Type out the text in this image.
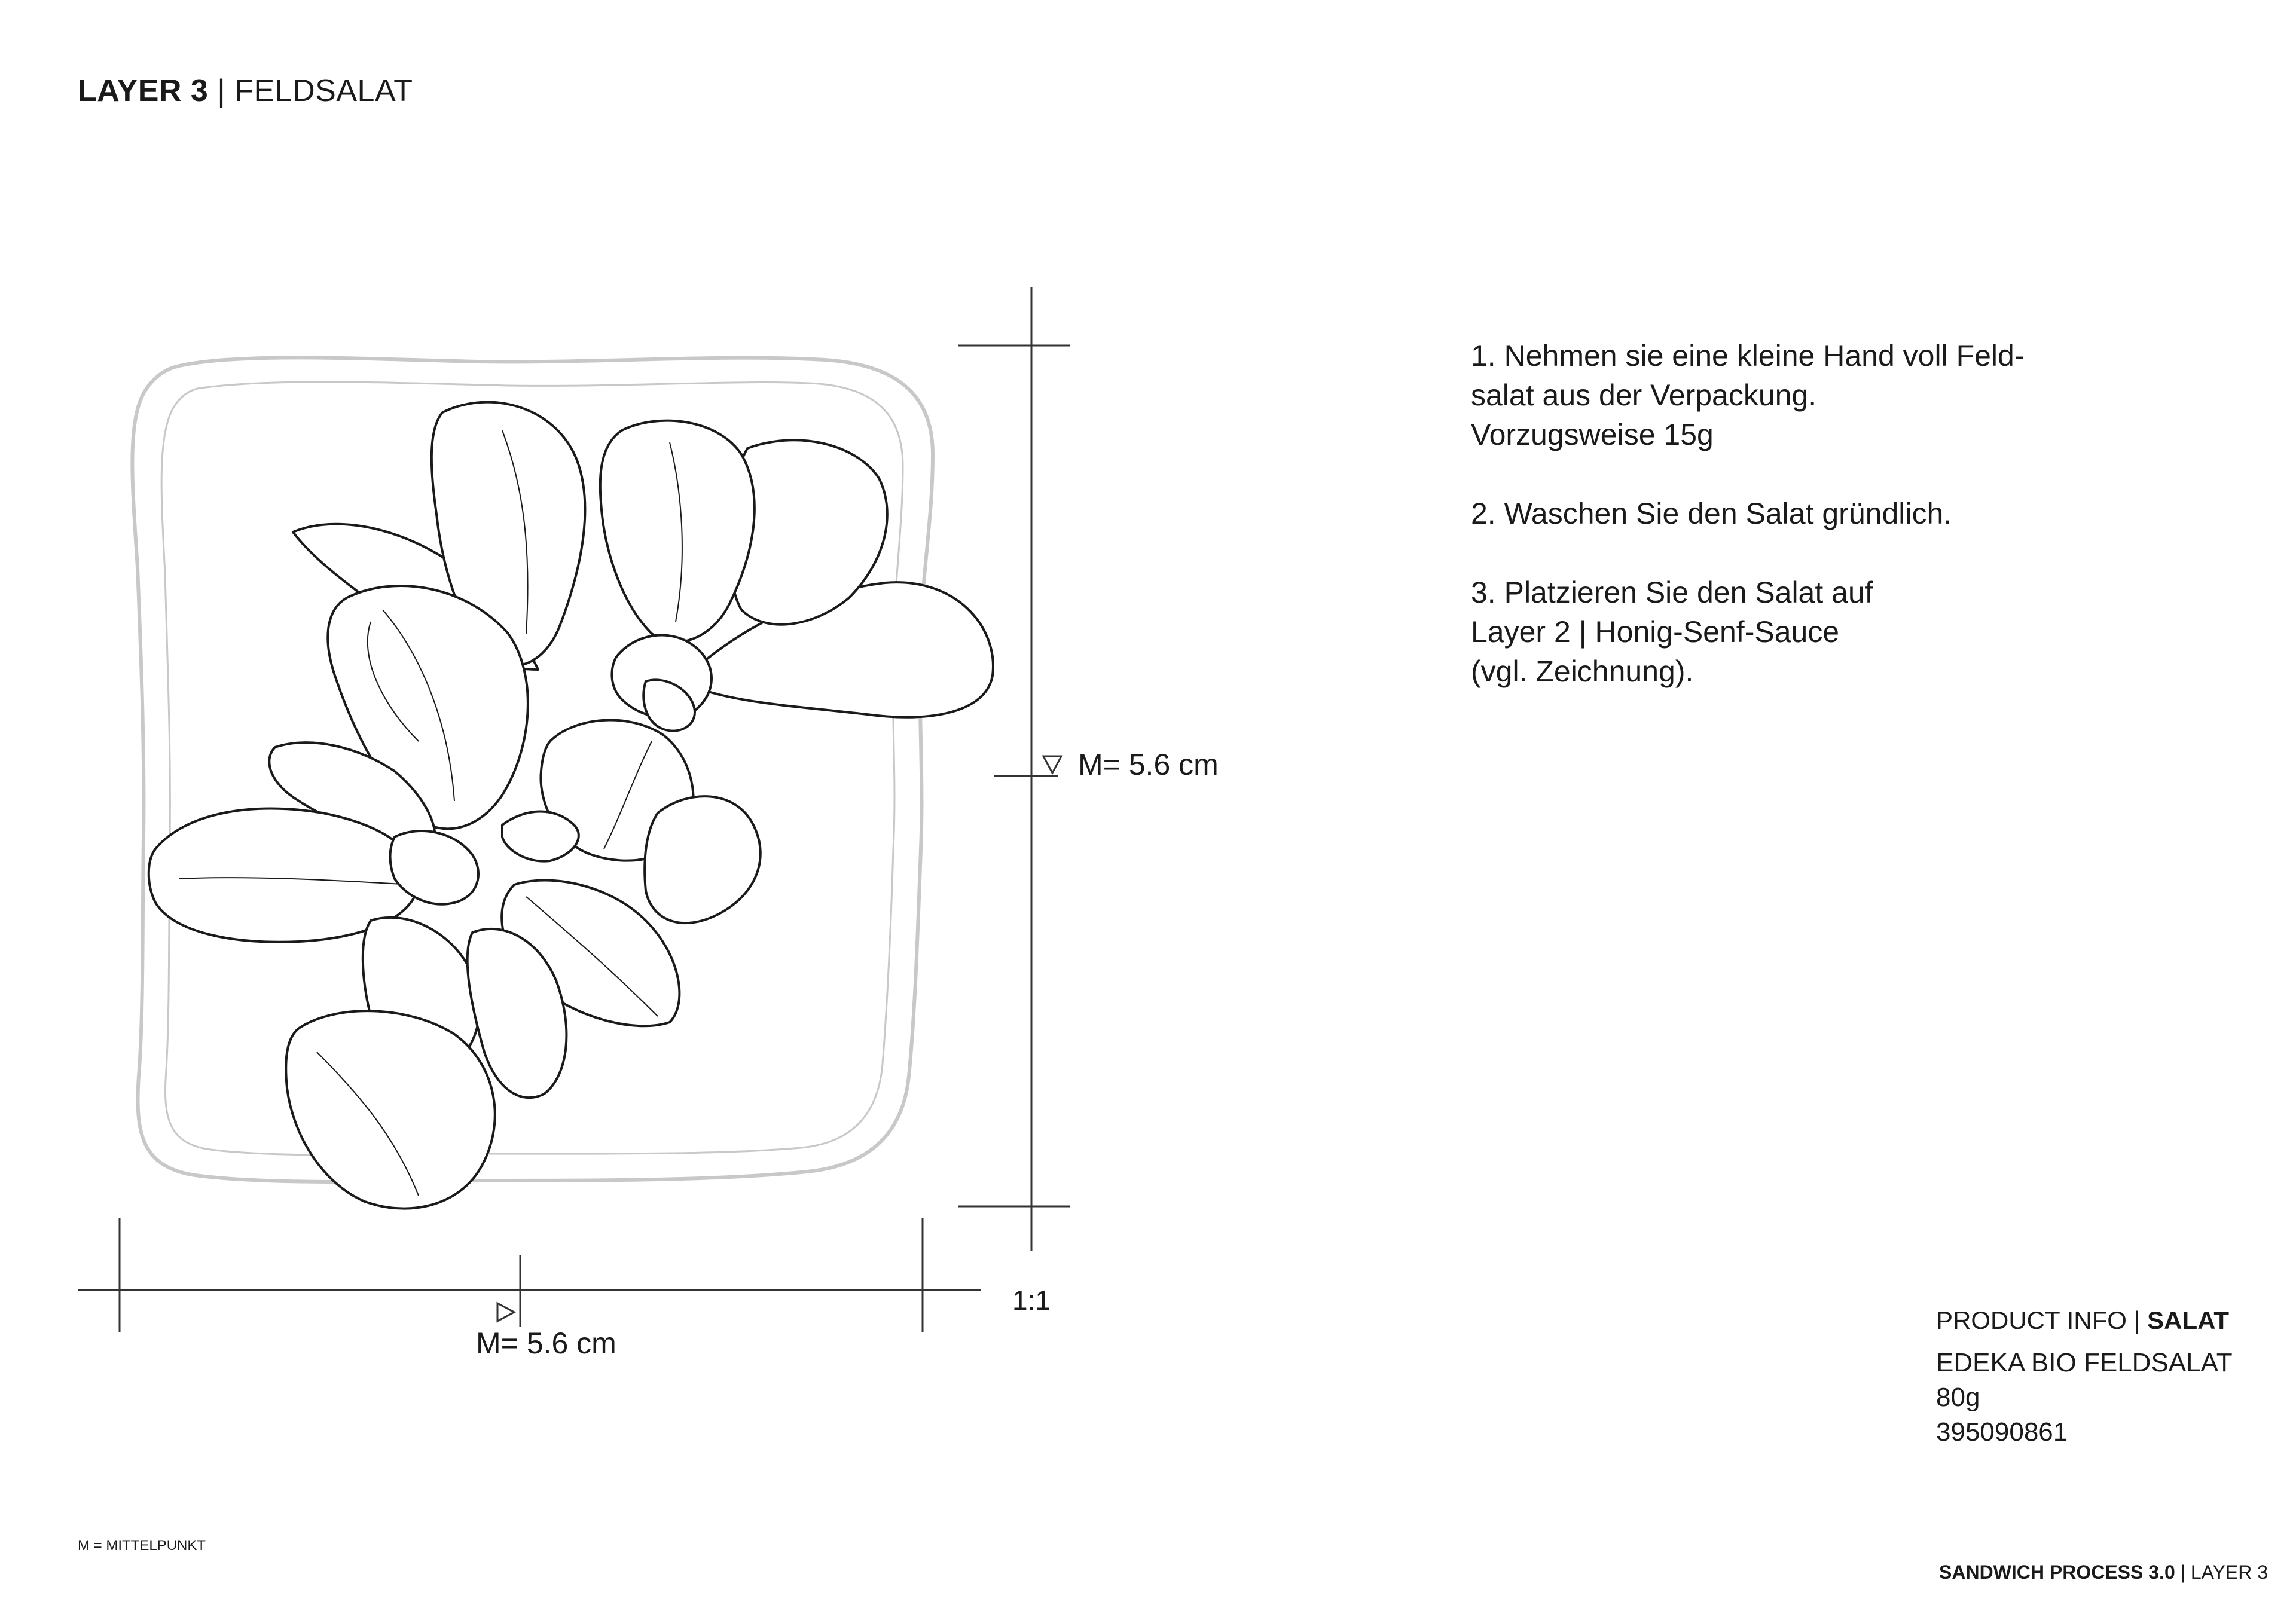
LAYER 3 | FELDSALAT
M= 5.6 cm
M= 5.6 cm
1:1

1. Nehmen sie eine kleine Hand voll Feld-
salat aus der Verpackung.
Vorzugsweise 15g

2. Waschen Sie den Salat gründlich.

3. Platzieren Sie den Salat auf
Layer 2 | Honig-Senf-Sauce
(vgl. Zeichnung).

PRODUCT INFO | SALAT
EDEKA BIO FELDSALAT
80g
395090861
M = MITTELPUNKT
SANDWICH PROCESS 3.0 | LAYER 3
